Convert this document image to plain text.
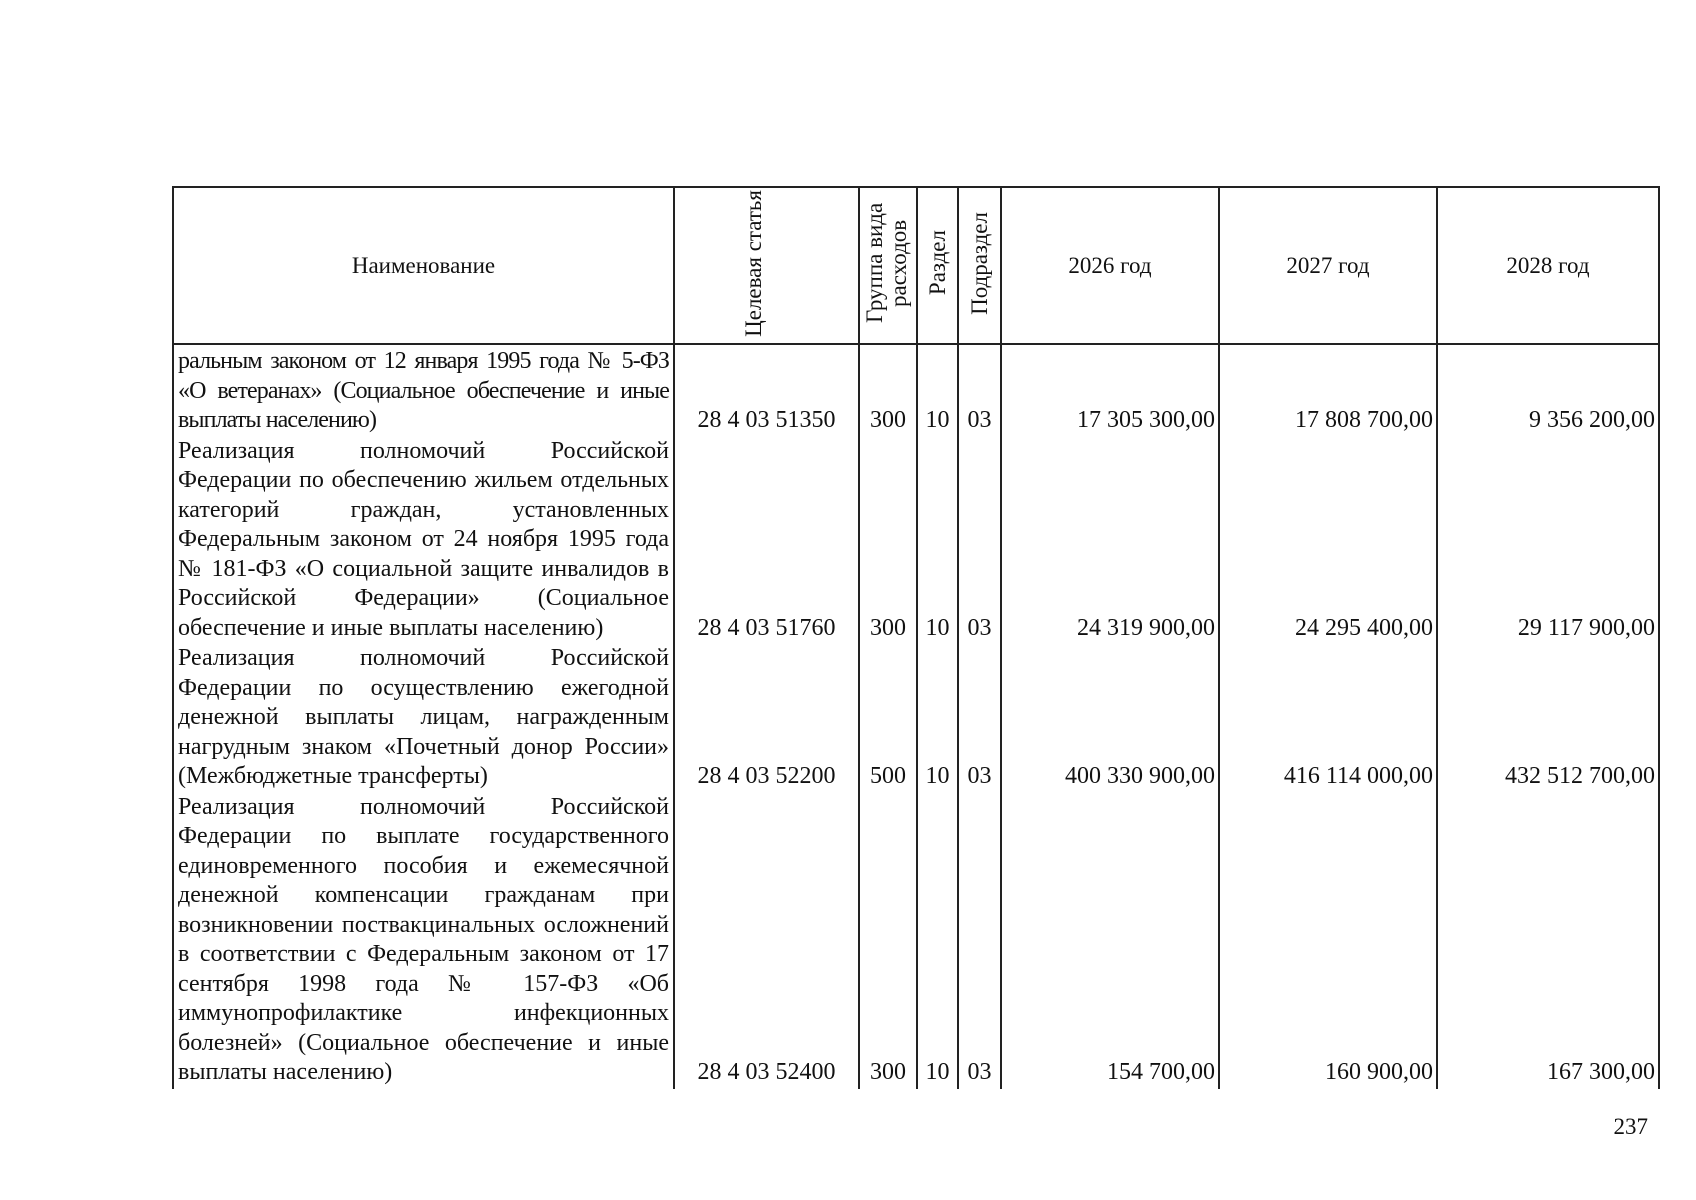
Наименование	Целевая статья	Группа вида расходов	Раздел	Подраздел	2026 год	2027 год	2028 год

ральным законом от 12 января 1995 года № 5-ФЗ «О ветеранах» (Социальное обеспечение и иные выплаты населению)	28 4 03 51350	300	10	03	17 305 300,00	17 808 700,00	9 356 200,00

Реализация полномочий Российской Федерации по обеспечению жильем отдельных категорий граждан, установленных Федеральным законом от 24 ноября 1995 года № 181-ФЗ «О социальной защите инвалидов в Российской Федерации» (Социальное обеспечение и иные выплаты населению)	28 4 03 51760	300	10	03	24 319 900,00	24 295 400,00	29 117 900,00

Реализация полномочий Российской Федерации по осуществлению ежегодной денежной выплаты лицам, награжденным нагрудным знаком «Почетный донор России» (Межбюджетные трансферты)	28 4 03 52200	500	10	03	400 330 900,00	416 114 000,00	432 512 700,00

Реализация полномочий Российской Федерации по выплате государственного единовременного пособия и ежемесячной денежной компенсации гражданам при возникновении поствакцинальных осложнений в соответствии с Федеральным законом от 17 сентября 1998 года № 157-ФЗ «Об иммунопрофилактике инфекционных болезней» (Социальное обеспечение и иные выплаты населению)	28 4 03 52400	300	10	03	154 700,00	160 900,00	167 300,00
237
